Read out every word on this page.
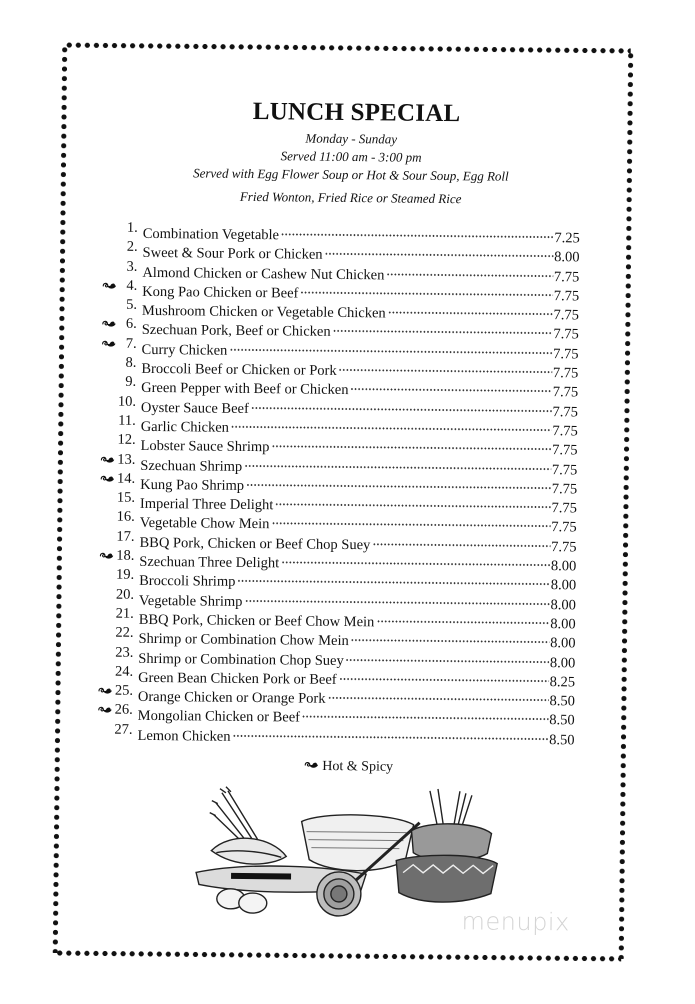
LUNCH SPECIAL

Monday - Sunday

Served 11:00 am - 3:00 pm

Served with Egg Flower Soup or Hot & Sour Soup, Egg Roll

Fried Wonton, Fried Rice or Steamed Rice

1. Combination Vegetable	7.25
2. Sweet & Sour Pork or Chicken	8.00
3. Almond Chicken or Cashew Nut Chicken	7.75
4. Kong Pao Chicken or Beef	7.75
5. Mushroom Chicken or Vegetable Chicken	7.75
6. Szechuan Pork, Beef or Chicken	7.75
7. Curry Chicken	7.75
8. Broccoli Beef or Chicken or Pork	7.75
9. Green Pepper with Beef or Chicken	7.75
10. Oyster Sauce Beef	7.75
11. Garlic Chicken	7.75
12. Lobster Sauce Shrimp	7.75
13. Szechuan Shrimp	7.75
14. Kung Pao Shrimp	7.75
15. Imperial Three Delight	7.75
16. Vegetable Chow Mein	7.75
17. BBQ Pork, Chicken or Beef Chop Suey	7.75
18. Szechuan Three Delight	8.00
19. Broccoli Shrimp	8.00
20. Vegetable Shrimp	8.00
21. BBQ Pork, Chicken or Beef Chow Mein	8.00
22. Shrimp or Combination Chow Mein	8.00
23. Shrimp or Combination Chop Suey	8.00
24. Green Bean Chicken Pork or Beef	8.25
25. Orange Chicken or Orange Pork	8.50
26. Mongolian Chicken or Beef	8.50
27. Lemon Chicken	8.50
Hot & Spicy
menupix
